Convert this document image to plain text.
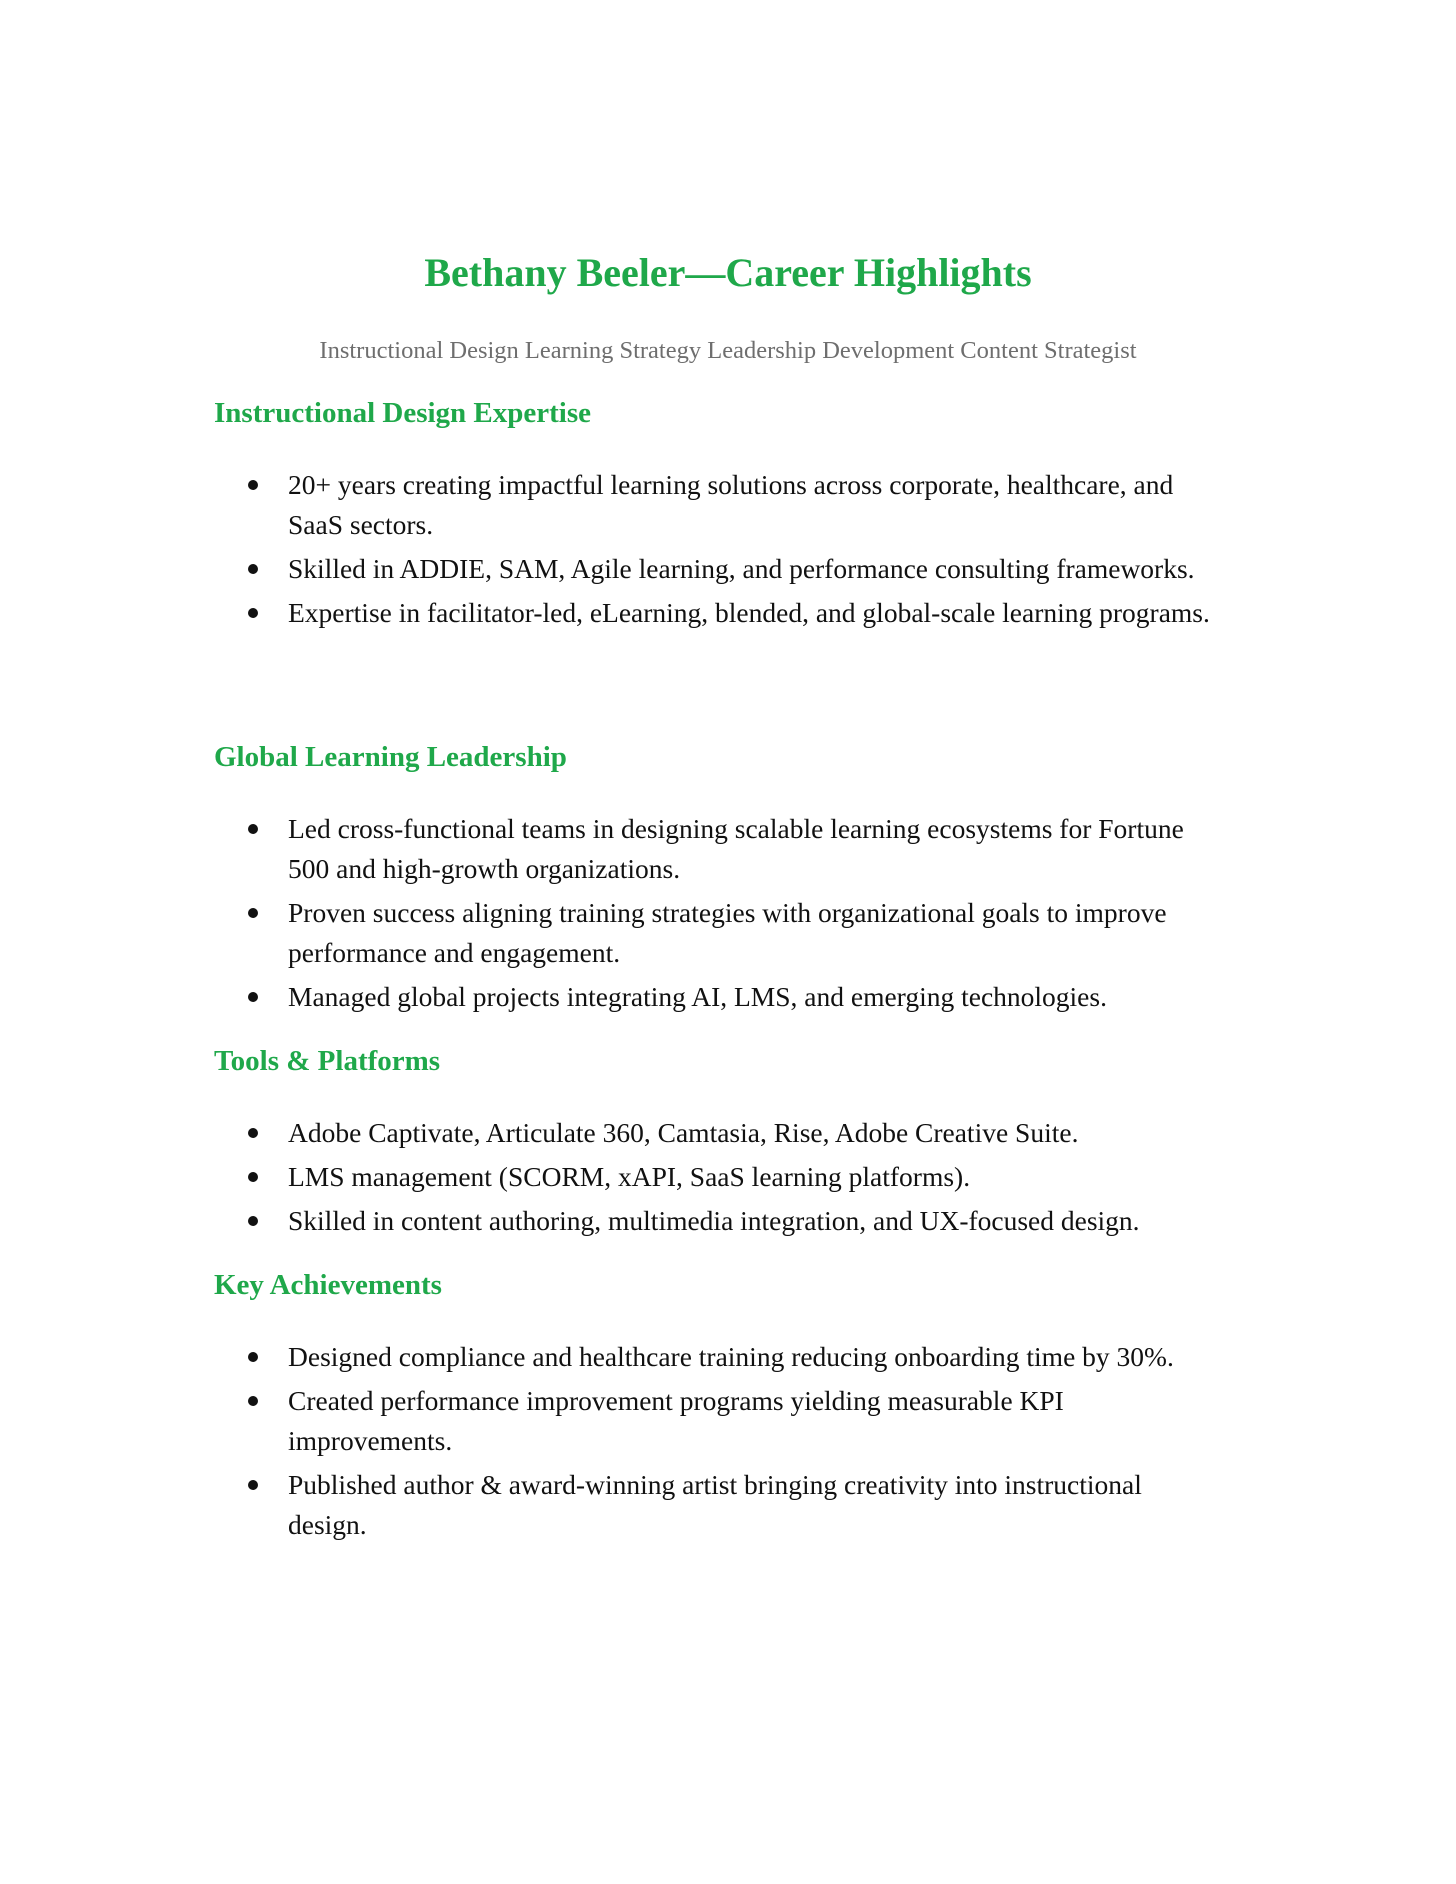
Bethany Beeler—Career Highlights
Instructional Design Learning Strategy Leadership Development Content Strategist
Instructional Design Expertise
20+ years creating impactful learning solutions across corporate, healthcare, and SaaS sectors.
Skilled in ADDIE, SAM, Agile learning, and performance consulting frameworks.
Expertise in facilitator-led, eLearning, blended, and global-scale learning programs.
Global Learning Leadership
Led cross-functional teams in designing scalable learning ecosystems for Fortune 500 and high-growth organizations.
Proven success aligning training strategies with organizational goals to improve performance and engagement.
Managed global projects integrating AI, LMS, and emerging technologies.
Tools & Platforms
Adobe Captivate, Articulate 360, Camtasia, Rise, Adobe Creative Suite.
LMS management (SCORM, xAPI, SaaS learning platforms).
Skilled in content authoring, multimedia integration, and UX-focused design.
Key Achievements
Designed compliance and healthcare training reducing onboarding time by 30%.
Created performance improvement programs yielding measurable KPI improvements.
Published author & award-winning artist bringing creativity into instructional design.
